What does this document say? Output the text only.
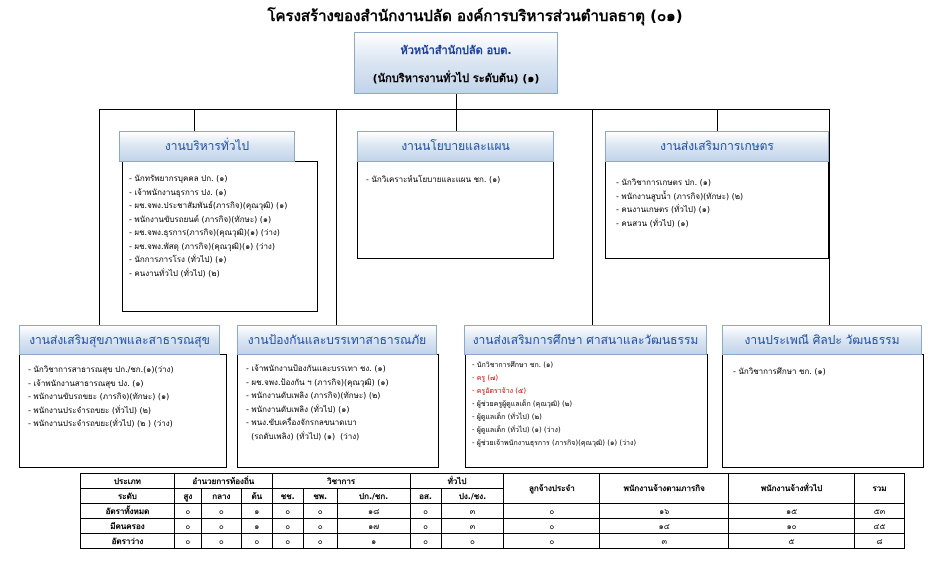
โครงสร้างของสำนักงานปลัด องค์การบริหารส่วนตำบลธาตุ (๐๑)
หัวหน้าสำนักปลัด อบต.
(นักบริหารงานทั่วไป ระดับต้น) (๑)
งานบริหารทั่วไป
- นักทรัพยากรบุคคล ปก. (๑)
- เจ้าพนักงานธุรการ ปง. (๑)
- ผช.จพง.ประชาสัมพันธ์(ภารกิจ)(คุณวุฒิ) (๑)
- พนักงานขับรถยนต์ (ภารกิจ)(ทักษะ) (๑)
- ผช.จพง.ธุรการ(ภารกิจ)(คุณวุฒิ)(๑) (ว่าง)
- ผช.จพง.พัสดุ (ภารกิจ)(คุณวุฒิ)(๑) (ว่าง)
- นักการภารโรง (ทั่วไป) (๑)
- คนงานทั่วไป (ทั่วไป) (๒)
งานนโยบายและแผน
- นักวิเคราะห์นโยบายและแผน ชก. (๑)
งานส่งเสริมการเกษตร
- นักวิชาการเกษตร ปก. (๑)
- พนักงานสูบน้ำ (ภารกิจ)(ทักษะ) (๒)
- คนงานเกษตร (ทั่วไป) (๑)
- คนสวน (ทั่วไป) (๑)
งานส่งเสริมสุขภาพและสาธารณสุข
- นักวิชาการสาธารณสุข ปก./ชก.(๑)(ว่าง)
- เจ้าพนักงานสาธารณสุข ปง. (๑)
- พนักงานขับรถขยะ (ภารกิจ)(ทักษะ) (๑)
- พนักงานประจำรถขยะ (ทั่วไป) (๒)
- พนักงานประจำรถขยะ(ทั่วไป) (๒ ) (ว่าง)
งานป้องกันและบรรเทาสาธารณภัย
- เจ้าพนักงานป้องกันและบรรเทา ชง. (๑)
- ผช.จพง.ป้องกัน ฯ (ภารกิจ)(คุณวุฒิ) (๑)
- พนักงานดับเพลิง (ภารกิจ)(ทักษะ) (๒)
- พนักงานดับเพลิง (ทั่วไป) (๑)
- พนง.ขับเครื่องจักรกลขนาดเบา
(รถดับเพลิง) (ทั่วไป) (๑)  (ว่าง)
งานส่งเสริมการศึกษา ศาสนาและวัฒนธรรม
- นักวิชาการศึกษา ชก. (๑)
- ครู (๗)
- ครูอัตราจ้าง (๕)
- ผู้ช่วยครูผู้ดูแลเด็ก (คุณวุฒิ) (๒)
- ผู้ดูแลเด็ก (ทั่วไป) (๒)
- ผู้ดูแลเด็ก (ทั่วไป) (๑) (ว่าง)
- ผู้ช่วยเจ้าพนักงานธุรการ (ภารกิจ)(คุณวุฒิ) (๑) (ว่าง)
งานประเพณี ศิลปะ วัฒนธรรม
- นักวิชาการศึกษา ชก. (๑)
ประเภท	อำนวยการท้องถิ่น			วิชาการ			ทั่วไป		ลูกจ้างประจำ	พนักงานจ้างตามภารกิจ	พนักงานจ้างทั่วไป	รวม
ระดับ	สูง	กลาง	ต้น	ชช.	ชพ.	ปก./ชก.	อส.	ปง./ชง.				
อัตราทั้งหมด	๐	๐	๑	๐	๐	๑๘	๐	๓	๐	๑๖	๑๕	๕๓
มีคนครอง	๐	๐	๑	๐	๐	๑๗	๐	๓	๐	๑๔	๑๐	๔๕
อัตราว่าง	๐	๐	๐	๐	๐	๑	๐	๐	๐	๓	๕	๘
